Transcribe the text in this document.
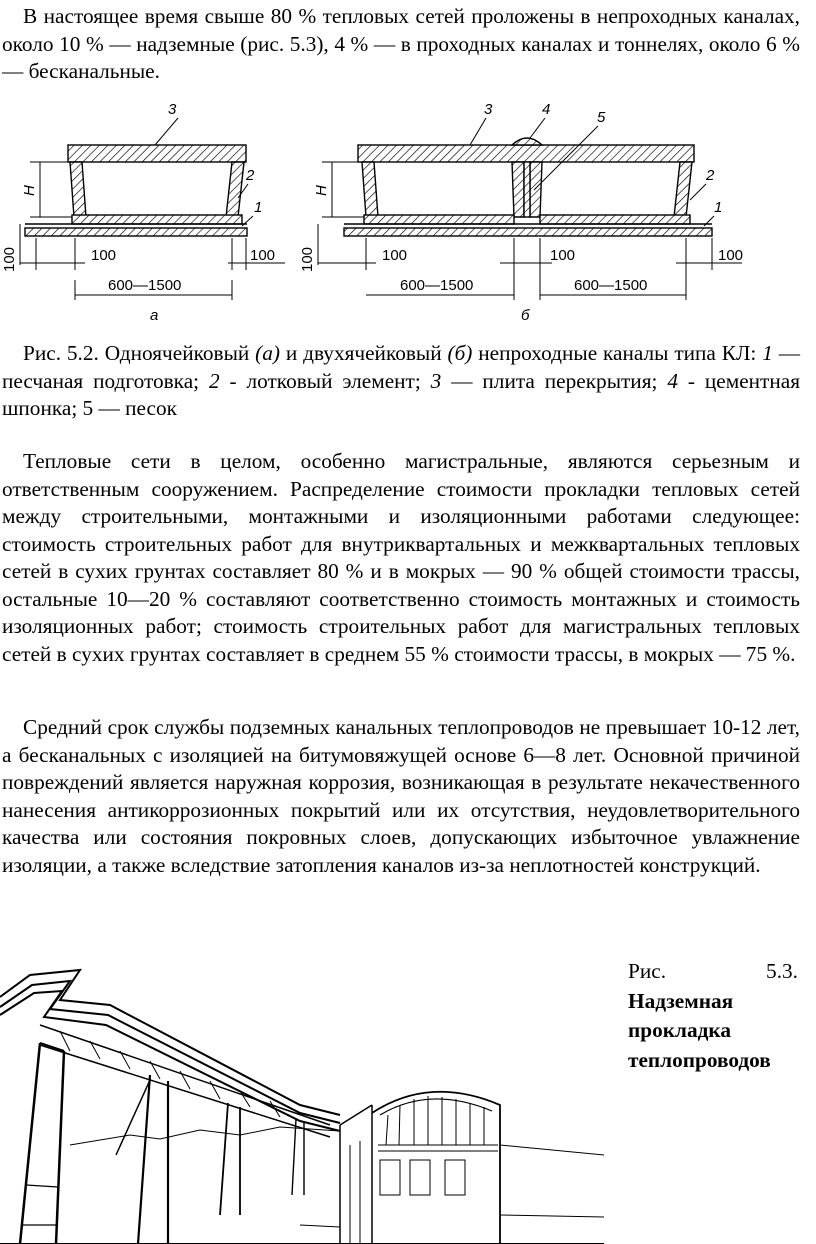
В настоящее время свыше 80 % тепловых сетей проложены в непроходных каналах, около 10 % — надземные (рис. 5.3), 4 % — в проходных каналах и тоннелях, около 6 % — бесканальные.

3
2
1
H
100	100	100
600—1500
а
3	4	5
2
1
H
100	100	100	100
600—1500	600—1500
б

Рис. 5.2. Одноячейковый (а) и двухячейковый (б) непроходные каналы типа КЛ: 1 — песчаная подготовка; 2 - лотковый элемент; 3 — плита перекрытия; 4 - цементная шпонка; 5 — песок

Тепловые сети в целом, особенно магистральные, являются серьезным и ответственным сооружением. Распределение стоимости прокладки тепловых сетей между строительными, монтажными и изоляционными работами следующее: стоимость строительных работ для внутриквартальных и межквартальных тепловых сетей в сухих грунтах составляет 80 % и в мокрых — 90 % общей стоимости трассы, остальные 10—20 % составляют соответственно стоимость монтажных и стоимость изоляционных работ; стоимость строительных работ для магистральных тепловых сетей в сухих грунтах составляет в среднем 55 % стоимости трассы, в мокрых — 75 %.

Средний срок службы подземных канальных теплопроводов не превышает 10-12 лет, а бесканальных с изоляцией на битумовяжущей основе 6—8 лет. Основной причиной повреждений является наружная коррозия, возникающая в результате некачественного нанесения антикоррозионных покрытий или их отсутствия, неудовлетворительного качества или состояния покровных слоев, допускающих избыточное увлажнение изоляции, а также вследствие затопления каналов из-за неплотностей конструкций.

Рис.	5.3.
Надземная прокладка теплопроводов
